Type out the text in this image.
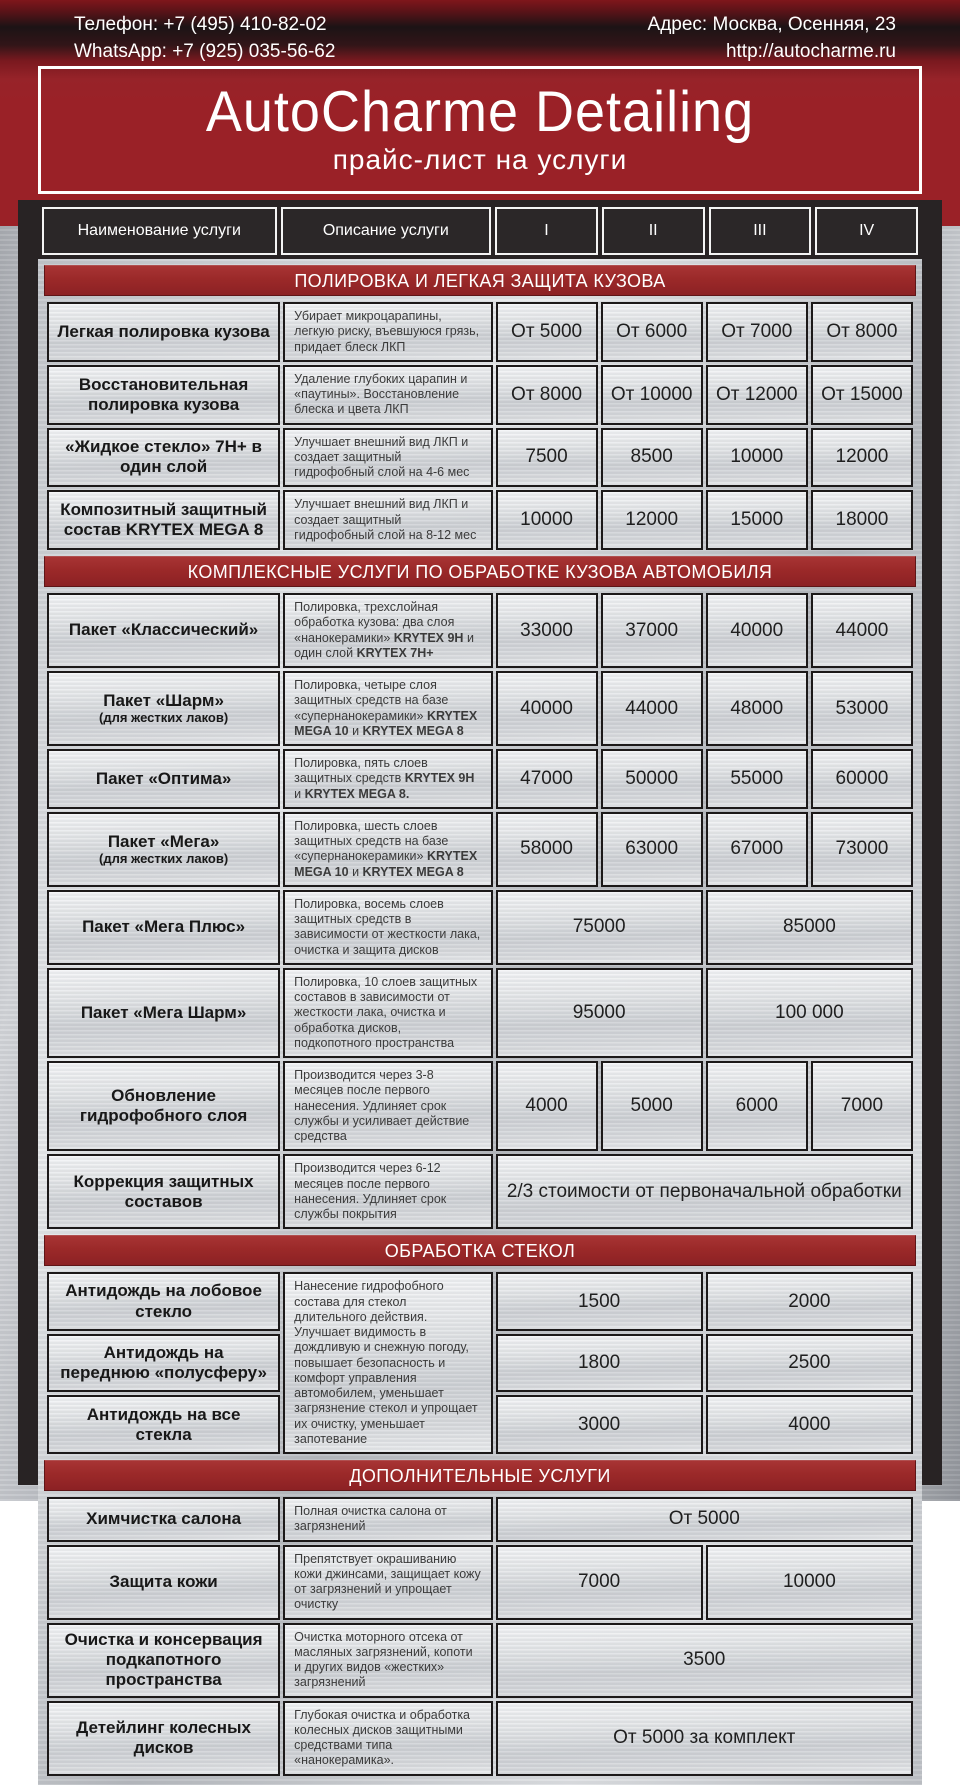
Телефон: +7 (495) 410-82-02
WhatsApp: +7 (925) 035-56-62
Адрес: Москва, Осенняя, 23
http://autocharme.ru
AutoCharme Detailing
прайс-лист на услуги
Наименование услуги	Описание услуги	I	II	III	IV
ПОЛИРОВКА И ЛЕГКАЯ ЗАЩИТА КУЗОВА
Легкая полировка кузова	Убирает микроцарапины, легкую риску, въевшуюся грязь, придает блеск ЛКП	От 5000	От 6000	От 7000	От 8000

Восстановительная полировка кузова	Удаление глубоких царапин и «паутины». Восстановление блеска и цвета ЛКП	От 8000	От 10000	От 12000	От 15000

«Жидкое стекло» 7H+ в один слой	Улучшает внешний вид ЛКП и создает защитный гидрофобный слой на 4-6 мес	7500	8500	10000	12000

Композитный защитный состав KRYTEX MEGA 8	Улучшает внешний вид ЛКП и создает защитный гидрофобный слой на 8-12 мес	10000	12000	15000	18000
КОМПЛЕКСНЫЕ УСЛУГИ ПО ОБРАБОТКЕ КУЗОВА АВТОМОБИЛЯ
Пакет «Классический»	Полировка, трехслойная обработка кузова: два слоя «нанокерамики» KRYTEX 9H и один слой KRYTEX 7H+	33000	37000	40000	44000

Пакет «Шарм»
(для жестких лаков)	Полировка, четыре слоя защитных средств на базе «супернанокерамики» KRYTEX MEGA 10 и KRYTEX MEGA 8	40000	44000	48000	53000

Пакет «Оптима»	Полировка, пять слоев защитных средств KRYTEX 9H и KRYTEX MEGA 8.	47000	50000	55000	60000

Пакет «Мега»
(для жестких лаков)	Полировка, шесть слоев защитных средств на базе «супернанокерамики» KRYTEX MEGA 10 и KRYTEX MEGA 8	58000	63000	67000	73000

Пакет «Мега Плюс»	Полировка, восемь слоев защитных средств в зависимости от жесткости лака, очистка и защита дисков	75000		85000	

Пакет «Мега Шарм»	Полировка, 10 слоев защитных составов в зависимости от жесткости лака, очистка и обработка дисков, подкопотного пространства	95000		100 000	

Обновление гидрофобного слоя	Производится через 3-8 месяцев после первого нанесения. Удлиняет срок службы и усиливает действие средства	4000	5000	6000	7000

Коррекция защитных составов	Производится через 6-12 месяцев после первого нанесения. Удлиняет срок службы покрытия	2/3 стоимости от первоначальной обработки			
ОБРАБОТКА СТЕКОЛ
Антидождь на лобовое стекло	Нанесение гидрофобного состава для стекол длительного действия. Улучшает видимость в дождливую и снежную погоду, повышает безопасность и комфорт управления автомобилем, уменьшает загрязнение стекол и упрощает их очистку, уменьшает запотевание	1500	2000

Антидождь на переднюю «полусферу»		1800	2500

Антидождь на все стекла		3000	4000
ДОПОЛНИТЕЛЬНЫЕ УСЛУГИ
Химчистка салона	Полная очистка салона от загрязнений	От 5000	

Защита кожи	Препятствует окрашиванию кожи джинсами, защищает кожу от загрязнений и упрощает очистку	7000	10000

Очистка и консервация подкапотного пространства	Очистка моторного отсека от масляных загрязнений, копоти и других видов «жестких» загрязнений	3500	

Детейлинг колесных дисков	Глубокая очистка и обработка колесных дисков защитными средствами типа «нанокерамика».	От 5000 за комплект	
